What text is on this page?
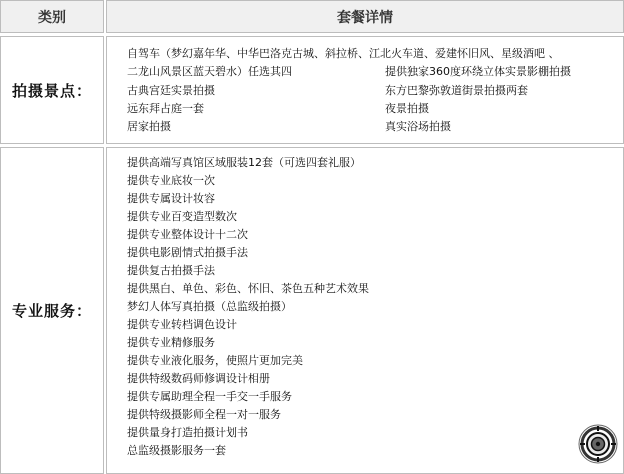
类别	套餐详情
拍摄景点：
自驾车（梦幻嘉年华、中华巴洛克古城、斜拉桥、江北火车道、爱建怀旧风、星级酒吧 、
二龙山风景区蓝天碧水）任选其四	提供独家360度环绕立体实景影棚拍摄
古典宫廷实景拍摄	东方巴黎弥敦道街景拍摄两套
远东拜占庭一套	夜景拍摄
居家拍摄	真实浴场拍摄
专业服务：
提供高端写真馆区域服装12套（可选四套礼服）
提供专业底妆一次
提供专属设计妆容
提供专业百变造型数次
提供专业整体设计十二次
提供电影剧情式拍摄手法
提供复古拍摄手法
提供黑白、单色、彩色、怀旧、茶色五种艺术效果
梦幻人体写真拍摄（总监级拍摄）
提供专业转档调色设计
提供专业精修服务
提供专业液化服务，使照片更加完美
提供特级数码师修调设计相册
提供专属助理全程一手交一手服务
提供特级摄影师全程一对一服务
提供量身打造拍摄计划书
总监级摄影服务一套
